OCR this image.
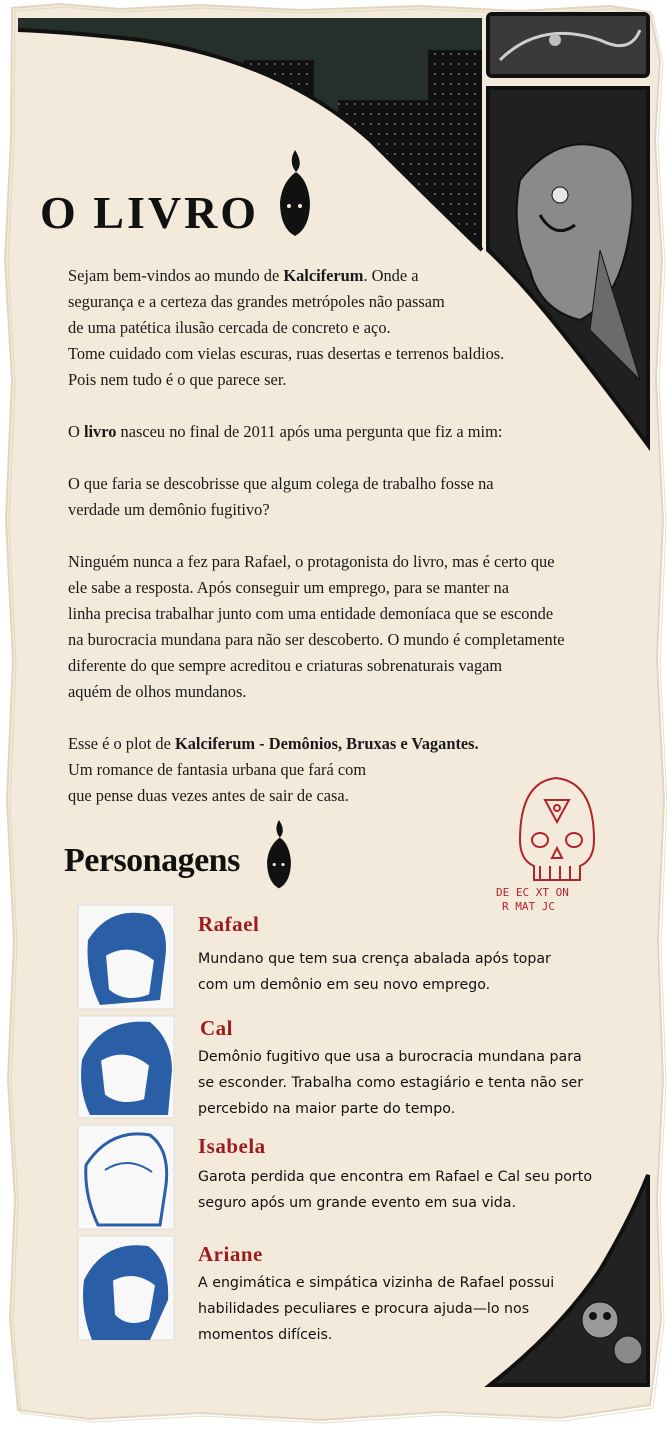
O LIVRO

Sejam bem-vindos ao mundo de Kalciferum. Onde a
segurança e a certeza das grandes metrópoles não passam
de uma patética ilusão cercada de concreto e aço.
Tome cuidado com vielas escuras, ruas desertas e terrenos baldios.
Pois nem tudo é o que parece ser.

O livro nasceu no final de 2011 após uma pergunta que fiz a mim:

O que faria se descobrisse que algum colega de trabalho fosse na
verdade um demônio fugitivo?

Ninguém nunca a fez para Rafael, o protagonista do livro, mas é certo que
ele sabe a resposta. Após conseguir um emprego, para se manter na
linha precisa trabalhar junto com uma entidade demoníaca que se esconde
na burocracia mundana para não ser descoberto. O mundo é completamente
diferente do que sempre acreditou e criaturas sobrenaturais vagam
aquém de olhos mundanos.

Esse é o plot de Kalciferum - Demônios, Bruxas e Vagantes.
Um romance de fantasia urbana que fará com
que pense duas vezes antes de sair de casa.

Personagens
DE EC XT ON
R MAT JC
Rafael
Mundano que tem sua crença abalada após topar
com um demônio em seu novo emprego.
Cal
Demônio fugitivo que usa a burocracia mundana para
se esconder. Trabalha como estagiário e tenta não ser
percebido na maior parte do tempo.
Isabela
Garota perdida que encontra em Rafael e Cal seu porto
seguro após um grande evento em sua vida.
Ariane
A engimática e simpática vizinha de Rafael possui
habilidades peculiares e procura ajuda—lo nos
momentos difíceis.
